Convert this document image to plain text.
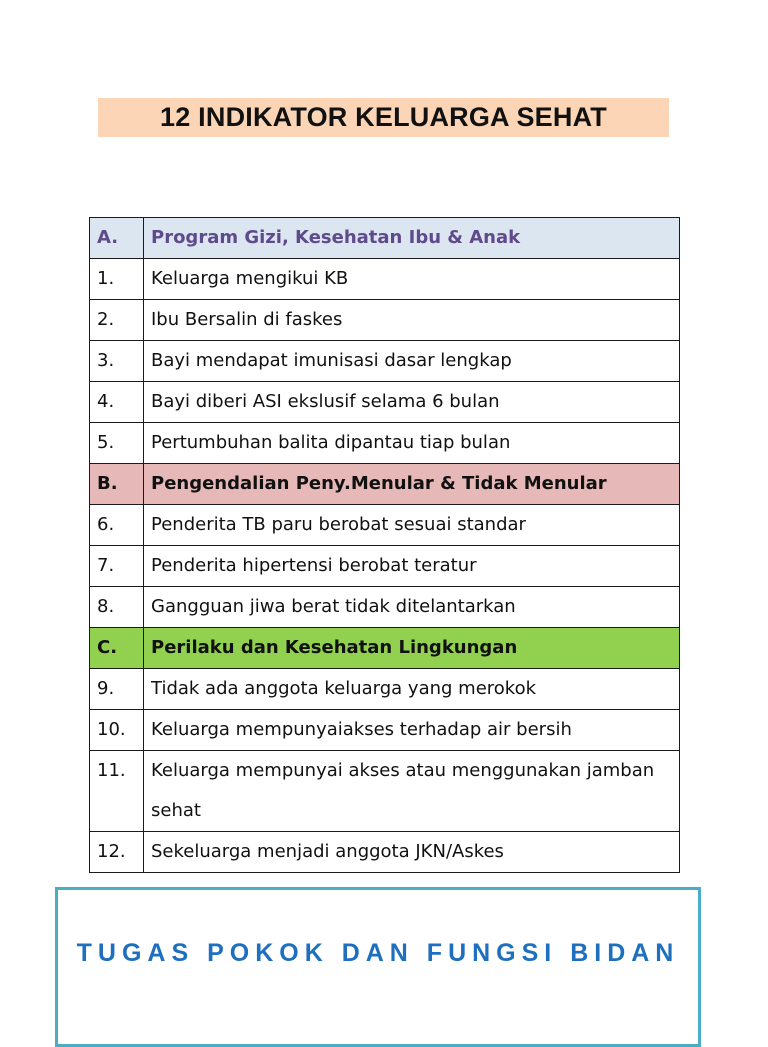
12 INDIKATOR KELUARGA SEHAT
A.	Program Gizi, Kesehatan Ibu & Anak
1.	Keluarga mengikui KB
2.	Ibu Bersalin di faskes
3.	Bayi mendapat imunisasi dasar lengkap
4.	Bayi diberi ASI ekslusif selama 6 bulan
5.	Pertumbuhan balita dipantau tiap bulan
B.	Pengendalian Peny.Menular & Tidak Menular
6.	Penderita TB paru berobat sesuai standar
7.	Penderita hipertensi berobat teratur
8.	Gangguan jiwa berat tidak ditelantarkan
C.	Perilaku dan Kesehatan Lingkungan
9.	Tidak ada anggota keluarga yang merokok
10.	Keluarga mempunyaiakses terhadap air bersih
11.	Keluarga mempunyai akses atau menggunakan jamban sehat
12.	Sekeluarga menjadi anggota JKN/Askes
TUGAS POKOK DAN FUNGSI BIDAN
